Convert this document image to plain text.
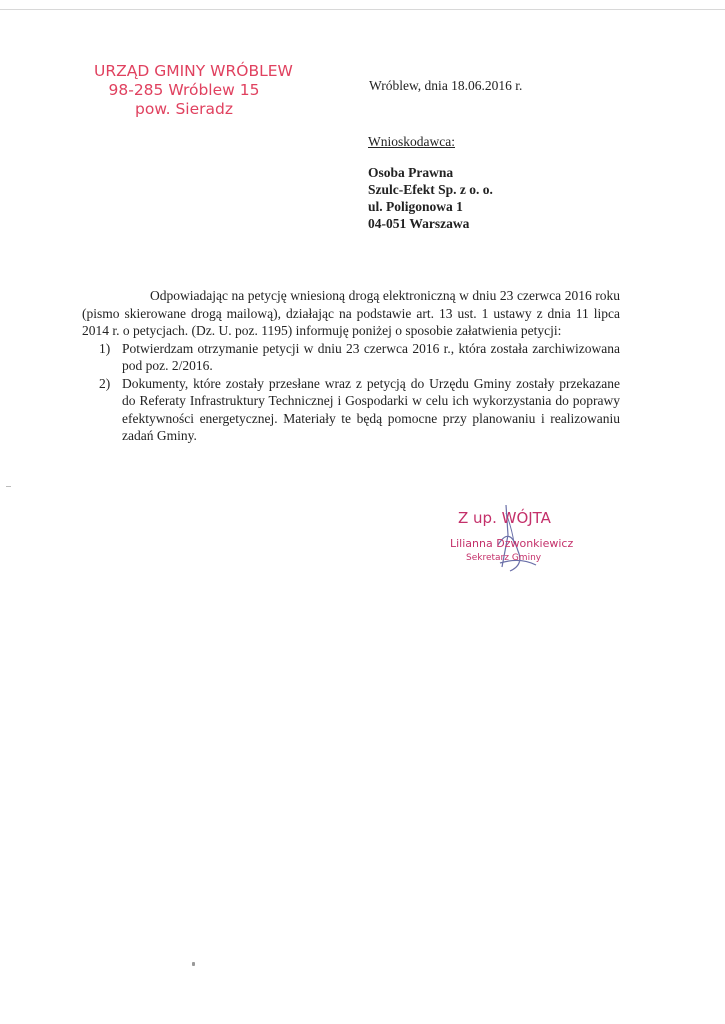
URZĄD GMINY WRÓBLEW
98-285 Wróblew 15
pow. Sieradz
Wróblew, dnia 18.06.2016 r.
Wnioskodawca:
Osoba Prawna
Szulc-Efekt Sp. z o. o.
ul. Poligonowa 1
04-051 Warszawa

Odpowiadając na petycję wniesioną drogą elektroniczną w dniu 23 czerwca 2016 roku (pismo skierowane drogą mailową), działając na podstawie art. 13 ust. 1 ustawy z dnia 11 lipca 2014 r. o petycjach. (Dz. U. poz. 1195) informuję poniżej o sposobie załatwienia petycji:

1) Potwierdzam otrzymanie petycji w dniu 23 czerwca 2016 r., która została zarchiwizowana pod poz. 2/2016.
2) Dokumenty, które zostały przesłane wraz z petycją do Urzędu Gminy zostały przekazane do Referaty Infrastruktury Technicznej i Gospodarki w celu ich wykorzystania do poprawy efektywności energetycznej. Materiały te będą pomocne przy planowaniu i realizowaniu zadań Gminy.
Z up. WÓJTA
Lilianna Dzwonkiewicz
Sekretarz Gminy
